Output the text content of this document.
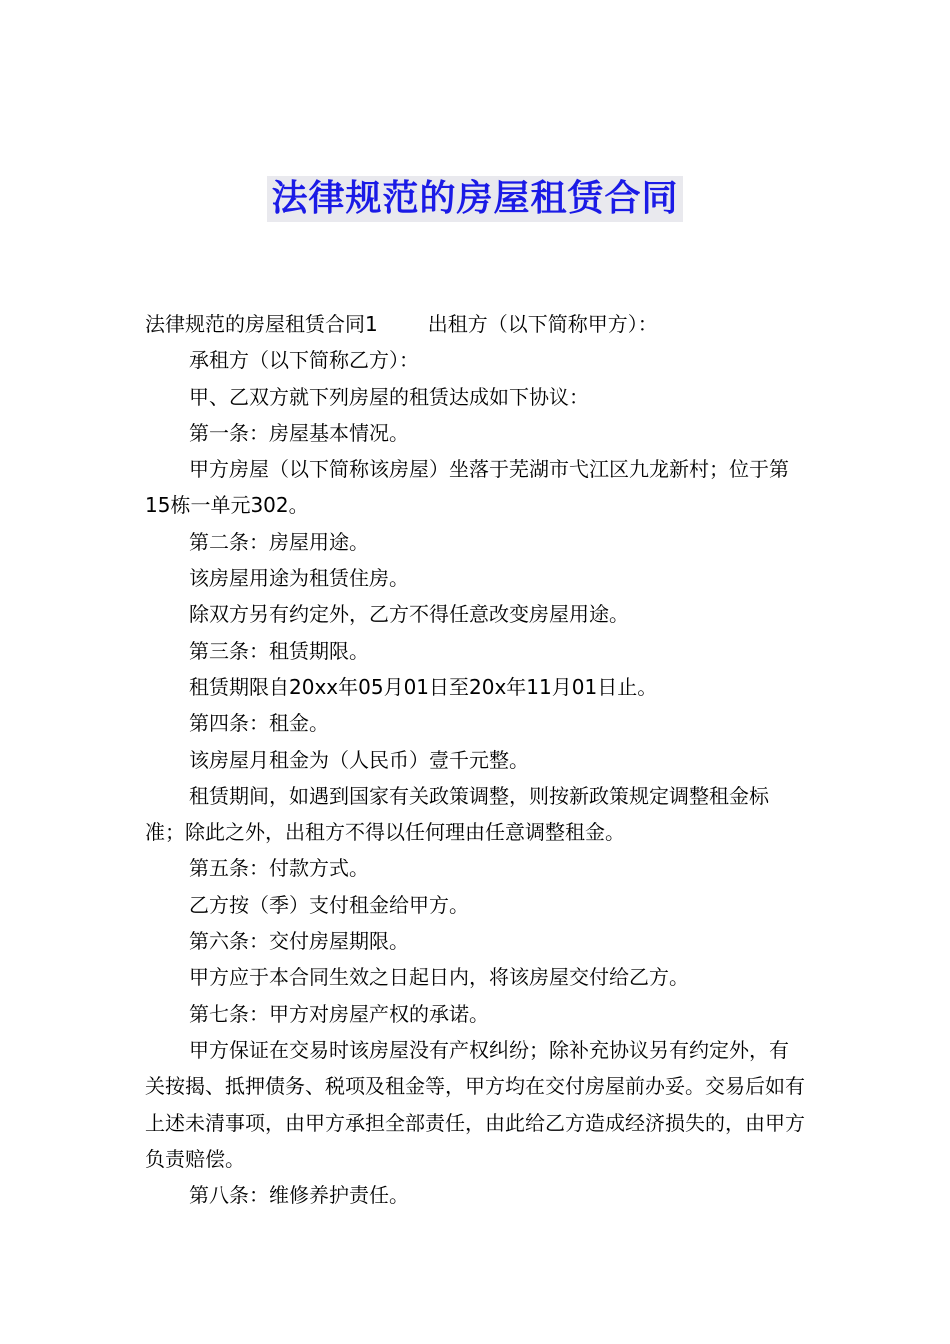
法律规范的房屋租赁合同

法律规范的房屋租赁合同1	出租方（以下简称甲方）：

承租方（以下简称乙方）：

甲、乙双方就下列房屋的租赁达成如下协议：

第一条：房屋基本情况。

甲方房屋（以下简称该房屋）坐落于芜湖市弋江区九龙新村；位于第15栋一单元302。

第二条：房屋用途。

该房屋用途为租赁住房。

除双方另有约定外，乙方不得任意改变房屋用途。

第三条：租赁期限。

租赁期限自20xx年05月01日至20x年11月01日止。

第四条：租金。

该房屋月租金为（人民币）壹千元整。

租赁期间，如遇到国家有关政策调整，则按新政策规定调整租金标准；除此之外，出租方不得以任何理由任意调整租金。

第五条：付款方式。

乙方按（季）支付租金给甲方。

第六条：交付房屋期限。

甲方应于本合同生效之日起日内，将该房屋交付给乙方。

第七条：甲方对房屋产权的承诺。

甲方保证在交易时该房屋没有产权纠纷；除补充协议另有约定外，有关按揭、抵押债务、税项及租金等，甲方均在交付房屋前办妥。交易后如有上述未清事项，由甲方承担全部责任，由此给乙方造成经济损失的，由甲方负责赔偿。

第八条：维修养护责任。
